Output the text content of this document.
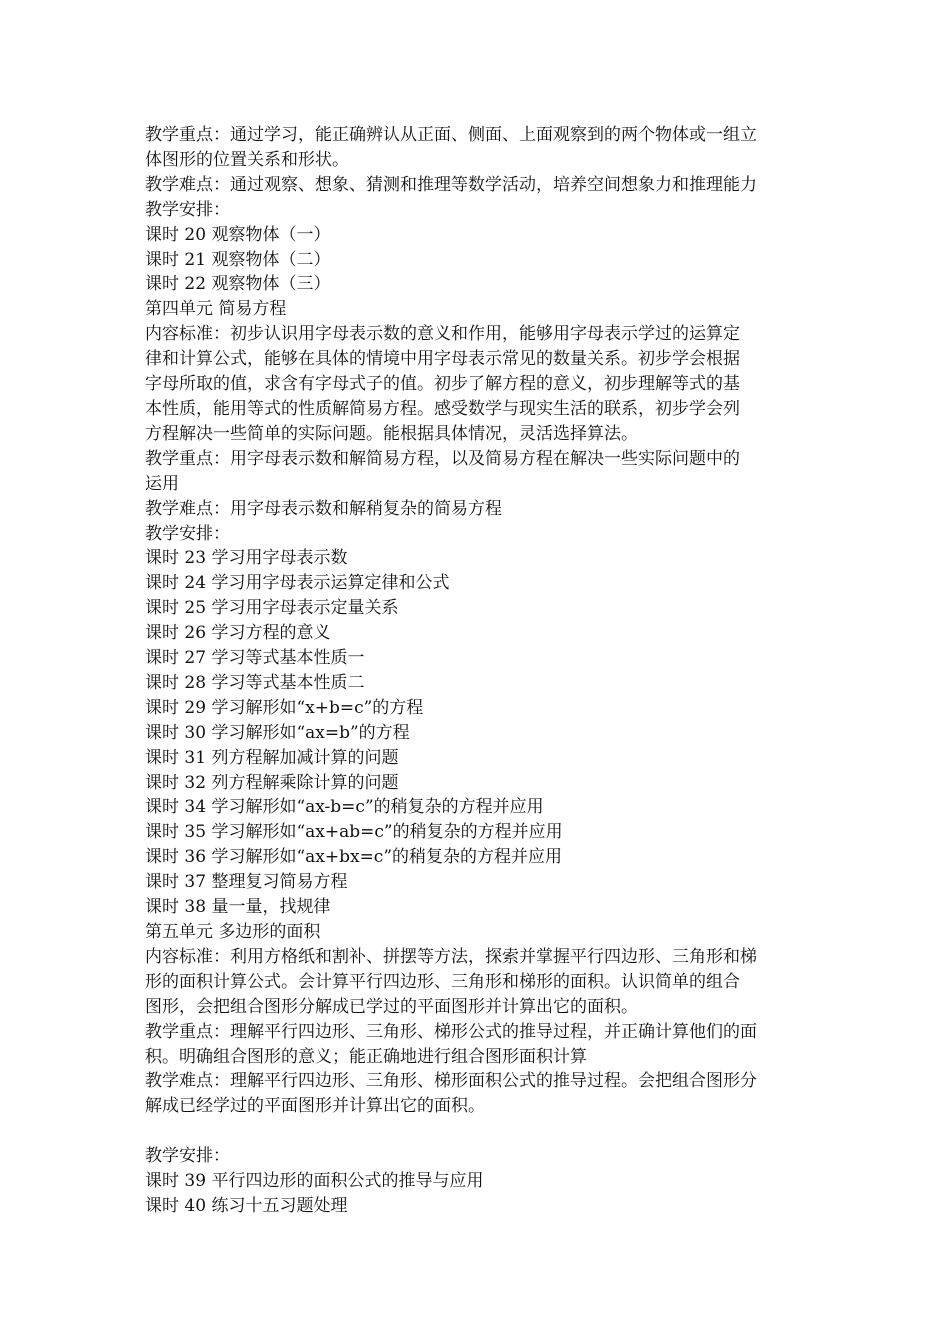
教学重点：通过学习，能正确辨认从正面、侧面、上面观察到的两个物体或一组立
体图形的位置关系和形状。
教学难点：通过观察、想象、猜测和推理等数学活动，培养空间想象力和推理能力
教学安排：
课时 20 观察物体（一）
课时 21 观察物体（二）
课时 22 观察物体（三）
第四单元 简易方程
内容标准：初步认识用字母表示数的意义和作用，能够用字母表示学过的运算定
律和计算公式，能够在具体的情境中用字母表示常见的数量关系。初步学会根据
字母所取的值，求含有字母式子的值。初步了解方程的意义，初步理解等式的基
本性质，能用等式的性质解简易方程。感受数学与现实生活的联系，初步学会列
方程解决一些简单的实际问题。能根据具体情况，灵活选择算法。
教学重点：用字母表示数和解简易方程，以及简易方程在解决一些实际问题中的
运用
教学难点：用字母表示数和解稍复杂的简易方程
教学安排：
课时 23 学习用字母表示数
课时 24 学习用字母表示运算定律和公式
课时 25 学习用字母表示定量关系
课时 26 学习方程的意义
课时 27 学习等式基本性质一
课时 28 学习等式基本性质二
课时 29 学习解形如“x+b=c”的方程
课时 30 学习解形如“ax=b”的方程
课时 31 列方程解加减计算的问题
课时 32 列方程解乘除计算的问题
课时 34 学习解形如“ax-b=c”的稍复杂的方程并应用
课时 35 学习解形如“ax+ab=c”的稍复杂的方程并应用
课时 36 学习解形如“ax+bx=c”的稍复杂的方程并应用
课时 37 整理复习简易方程
课时 38 量一量，找规律
第五单元 多边形的面积
内容标准：利用方格纸和割补、拼摆等方法，探索并掌握平行四边形、三角形和梯
形的面积计算公式。会计算平行四边形、三角形和梯形的面积。认识简单的组合
图形，会把组合图形分解成已学过的平面图形并计算出它的面积。
教学重点：理解平行四边形、三角形、梯形公式的推导过程，并正确计算他们的面
积。明确组合图形的意义；能正确地进行组合图形面积计算
教学难点：理解平行四边形、三角形、梯形面积公式的推导过程。会把组合图形分
解成已经学过的平面图形并计算出它的面积。
教学安排：
课时 39 平行四边形的面积公式的推导与应用
课时 40 练习十五习题处理
